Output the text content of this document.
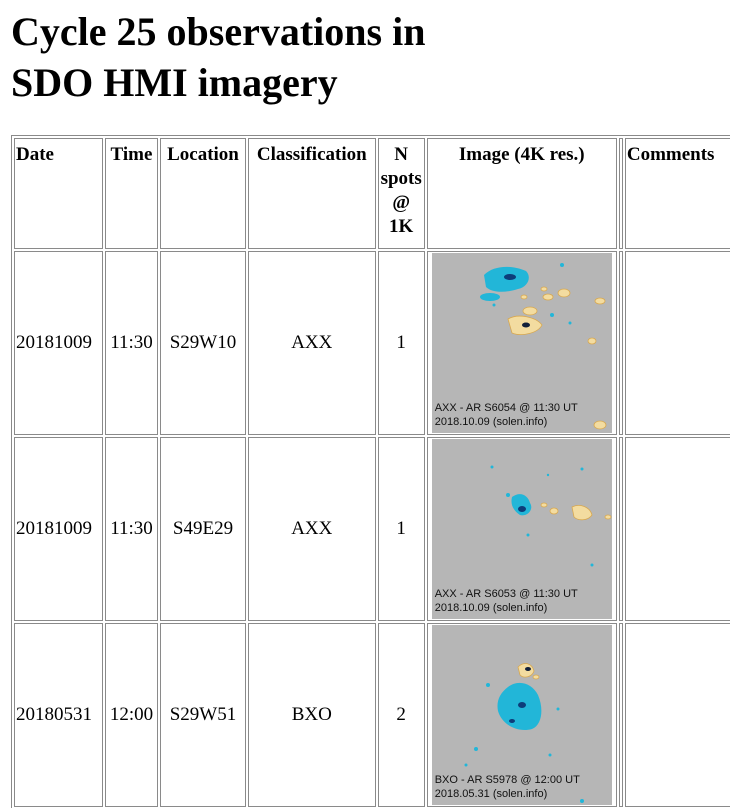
Cycle 25 observations in
SDO HMI imagery
Date	Time	Location	Classification	N
spots
@
1K	Image (4K res.)		Comments
20181009	11:30	S29W10	AXX	1	AXX - AR S6054 @ 11:30 UT
2018.10.09 (solen.info)		

20181009	11:30	S49E29	AXX	1	AXX - AR S6053 @ 11:30 UT
2018.10.09 (solen.info)		

20180531	12:00	S29W51	BXO	2	BXO - AR S5978 @ 12:00 UT
2018.05.31 (solen.info)		
